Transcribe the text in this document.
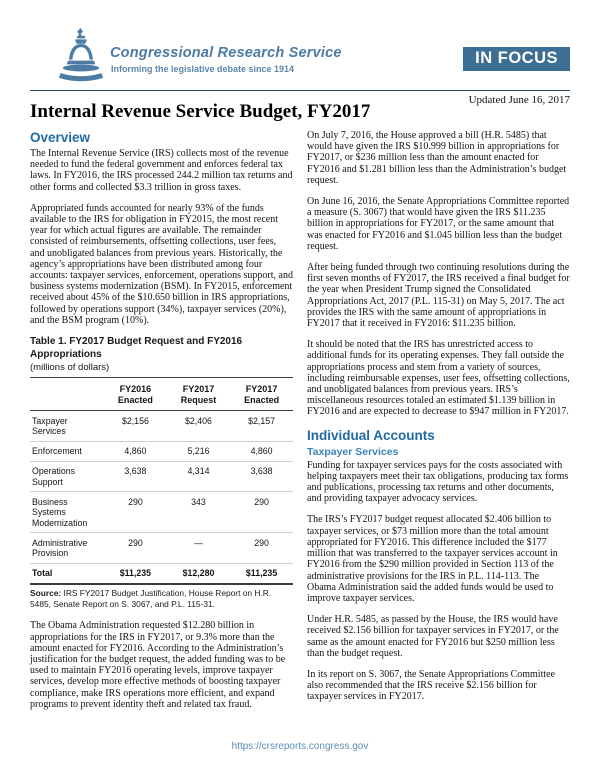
Congressional Research Service
Informing the legislative debate since 1914
IN FOCUS
Updated June 16, 2017
Internal Revenue Service Budget, FY2017
Overview

The Internal Revenue Service (IRS) collects most of the revenue needed to fund the federal government and enforces federal tax laws. In FY2016, the IRS processed 244.2 million tax returns and other forms and collected $3.3 trillion in gross taxes.

Appropriated funds accounted for nearly 93% of the funds available to the IRS for obligation in FY2015, the most recent year for which actual figures are available. The remainder consisted of reimbursements, offsetting collections, user fees, and unobligated balances from previous years. Historically, the agency’s appropriations have been distributed among four accounts: taxpayer services, enforcement, operations support, and business systems modernization (BSM). In FY2015, enforcement received about 45% of the $10.650 billion in IRS appropriations, followed by operations support (34%), taxpayer services (20%), and the BSM program (10%).

Table 1. FY2017 Budget Request and FY2016 Appropriations
(millions of dollars)
	FY2016 Enacted	FY2017 Request	FY2017 Enacted
Taxpayer Services	$2,156	$2,406	$2,157
Enforcement	4,860	5,216	4,860
Operations Support	3,638	4,314	3,638
Business Systems Modernization	290	343	290
Administrative Provision	290	—	290
Total	$11,235	$12,280	$11,235
Source: IRS FY2017 Budget Justification, House Report on H.R. 5485, Senate Report on S. 3067, and P.L. 115-31.

The Obama Administration requested $12.280 billion in appropriations for the IRS in FY2017, or 9.3% more than the amount enacted for FY2016. According to the Administration’s justification for the budget request, the added funding was to be used to maintain FY2016 operating levels, improve taxpayer services, develop more effective methods of boosting taxpayer compliance, make IRS operations more efficient, and expand programs to prevent identity theft and related tax fraud.

On July 7, 2016, the House approved a bill (H.R. 5485) that would have given the IRS $10.999 billion in appropriations for FY2017, or $236 million less than the amount enacted for FY2016 and $1.281 billion less than the Administration’s budget request.

On June 16, 2016, the Senate Appropriations Committee reported a measure (S. 3067) that would have given the IRS $11.235 billion in appropriations for FY2017, or the same amount that was enacted for FY2016 and $1.045 billion less than the budget request.

After being funded through two continuing resolutions during the first seven months of FY2017, the IRS received a final budget for the year when President Trump signed the Consolidated Appropriations Act, 2017 (P.L. 115-31) on May 5, 2017. The act provides the IRS with the same amount of appropriations in FY2017 that it received in FY2016: $11.235 billion.

It should be noted that the IRS has unrestricted access to additional funds for its operating expenses. They fall outside the appropriations process and stem from a variety of sources, including reimbursable expenses, user fees, offsetting collections, and unobligated balances from previous years. IRS’s miscellaneous resources totaled an estimated $1.139 billion in FY2016 and are expected to decrease to $947 million in FY2017.

Individual Accounts
Taxpayer Services

Funding for taxpayer services pays for the costs associated with helping taxpayers meet their tax obligations, producing tax forms and publications, processing tax returns and other documents, and providing taxpayer advocacy services.

The IRS’s FY2017 budget request allocated $2.406 billion to taxpayer services, or $73 million more than the total amount appropriated for FY2016. This difference included the $177 million that was transferred to the taxpayer services account in FY2016 from the $290 million provided in Section 113 of the administrative provisions for the IRS in P.L. 114-113. The Obama Administration said the added funds would be used to improve taxpayer services.

Under H.R. 5485, as passed by the House, the IRS would have received $2.156 billion for taxpayer services in FY2017, or the same as the amount enacted for FY2016 but $250 million less than the budget request.

In its report on S. 3067, the Senate Appropriations Committee also recommended that the IRS receive $2.156 billion for taxpayer services in FY2017.

https://crsreports.congress.gov
